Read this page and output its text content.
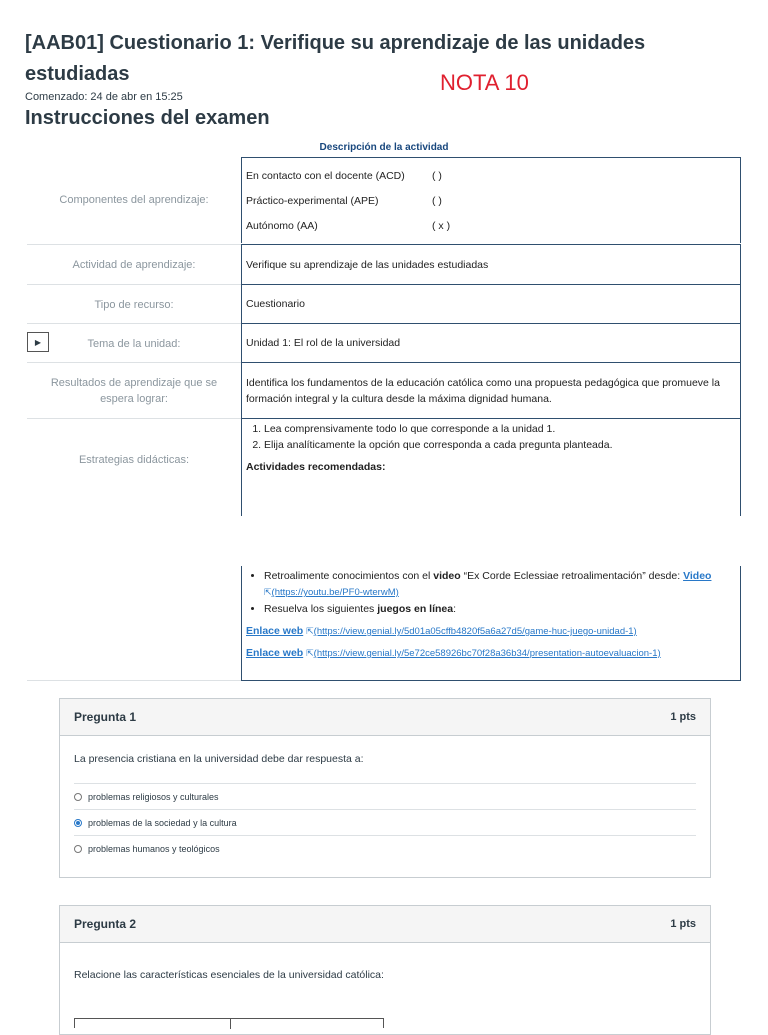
[AAB01] Cuestionario 1: Verifique su aprendizaje de las unidades estudiadas	NOTA 10
Comenzado: 24 de abr en 15:25
Instrucciones del examen
Descripción de la actividad
Componentes del aprendizaje:
En contacto con el docente (ACD)	( )
Práctico-experimental (APE)	( )
Autónomo (AA)	( x )
Actividad de aprendizaje:	Verifique su aprendizaje de las unidades estudiadas
Tipo de recurso:	Cuestionario
Tema de la unidad:	Unidad 1: El rol de la universidad
▶
Resultados de aprendizaje que se espera lograr:
Identifica los fundamentos de la educación católica como una propuesta pedagógica que promueve la formación integral y la cultura desde la máxima dignidad humana.
Estrategias didácticas:
1. Lea comprensivamente todo lo que corresponde a la unidad 1.
2. Elija analíticamente la opción que corresponda a cada pregunta planteada.
Actividades recomendadas:
• Retroalimente conocimientos con el video “Ex Corde Eclessiae retroalimentación” desde: Video
⇱(https://youtu.be/PF0-wterwM)
• Resuelva los siguientes juegos en línea:
Enlace web ⇱(https://view.genial.ly/5d01a05cffb4820f5a6a27d5/game-huc-juego-unidad-1)
Enlace web ⇱(https://view.genial.ly/5e72ce58926bc70f28a36b34/presentation-autoevaluacion-1)
Pregunta 1	1 pts
La presencia cristiana en la universidad debe dar respuesta a:
problemas religiosos y culturales
problemas de la sociedad y la cultura
problemas humanos y teológicos
Pregunta 2	1 pts
Relacione las características esenciales de la universidad católica:
